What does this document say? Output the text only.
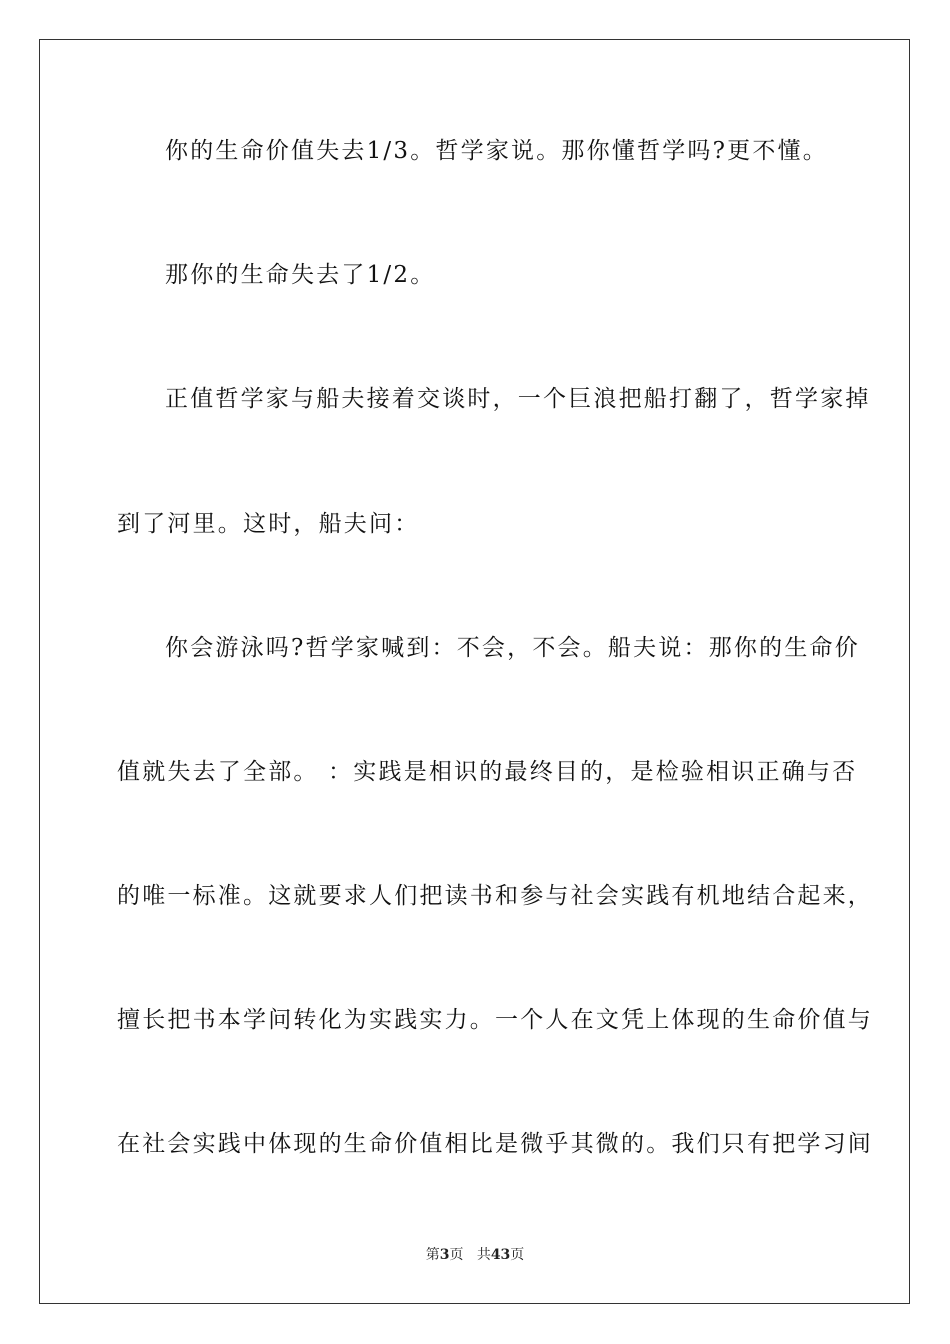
你的生命价值失去1/3。哲学家说。那你懂哲学吗?更不懂。
那你的生命失去了1/2。
正值哲学家与船夫接着交谈时，一个巨浪把船打翻了，哲学家掉
到了河里。这时，船夫问：
你会游泳吗?哲学家喊到：不会，不会。船夫说：那你的生命价
值就失去了全部。 ：实践是相识的最终目的，是检验相识正确与否
的唯一标准。这就要求人们把读书和参与社会实践有机地结合起来，
擅长把书本学问转化为实践实力。一个人在文凭上体现的生命价值与
在社会实践中体现的生命价值相比是微乎其微的。我们只有把学习间
第3页 共43页
